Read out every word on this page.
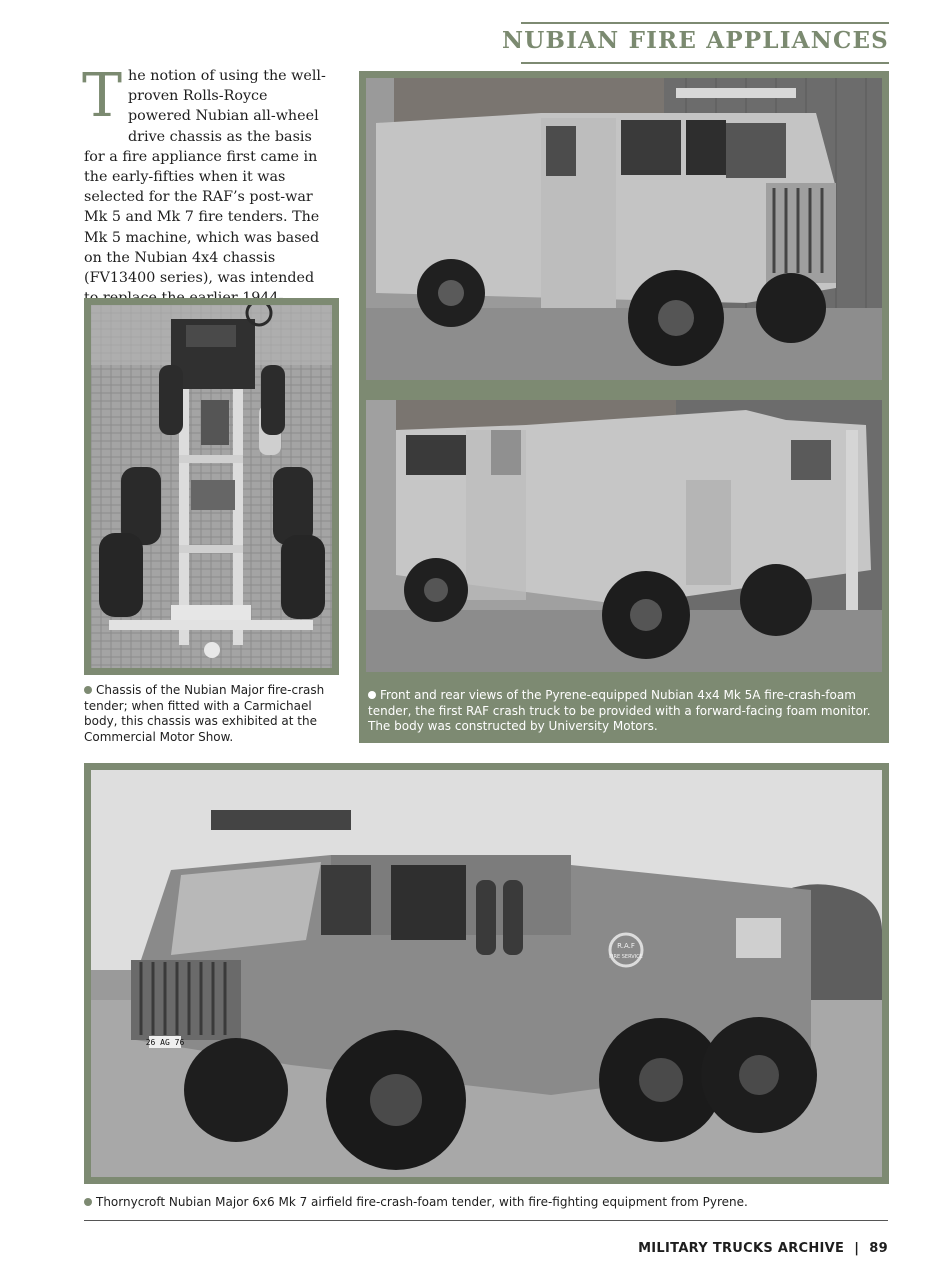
NUBIAN FIRE APPLIANCES
T he notion of using the well-proven Rolls-Royce powered Nubian all-wheel drive chassis as the basis for a fire appliance first came in the early-fifties when it was selected for the RAF’s post-war Mk 5 and Mk 7 fire tenders. The Mk 5 machine, which was based on the Nubian 4x4 chassis (FV13400 series), was intended

Chassis of the Nubian Major fire-crash tender; when fitted with a Carmichael body, this chassis was exhibited at the Commercial Motor Show.
Front and rear views of the Pyrene-equipped Nubian 4x4 Mk 5A fire-crash-foam tender, the first RAF crash truck to be provided with a forward-facing foam monitor. The body was constructed by University Motors.
R.A.F
FIRE SERVICE
26 AG 76
Thornycroft Nubian Major 6x6 Mk 7 airfield fire-crash-foam tender, with fire-fighting equipment from Pyrene.
MILITARY TRUCKS ARCHIVE | 89
